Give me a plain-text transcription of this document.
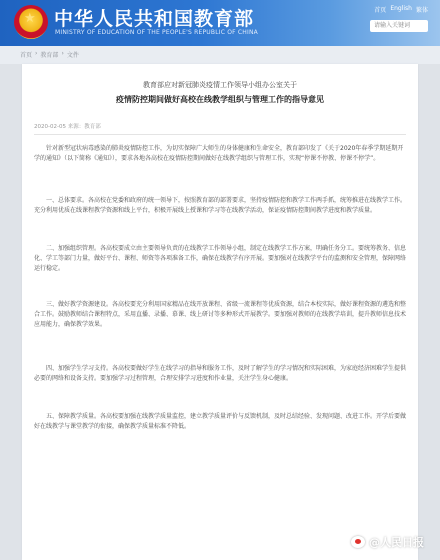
★ 中华人民共和国教育部
MINISTRY OF EDUCATION OF THE PEOPLE'S REPUBLIC OF CHINA
首页 English 繁体
请输入关键词
首页 › 教育部 › 文件
教育部应对新冠肺炎疫情工作领导小组办公室关于
疫情防控期间做好高校在线教学组织与管理工作的指导意见
2020-02-05 来源：教育部

针对新型冠状病毒感染的肺炎疫情防控工作，为切实保障广大师生的身体健康和生命安全，教育部印发了《关于2020年春季学期延期开学的通知》（以下简称《通知》），要求各地各高校在疫情防控期间做好在线教学组织与管理工作，实现“停课不停教、停课不停学”。

一、总体要求。各高校在党委和政府的统一领导下，按照教育部的部署要求，坚持疫情防控和教学工作两手抓，统筹推进在线教学工作。充分利用优质在线课程教学资源和线上平台，积极开展线上授课和学习等在线教学活动，保证疫情防控期间教学进度和教学质量。

二、加强组织管理。各高校要成立由主要领导负责的在线教学工作领导小组，制定在线教学工作方案，明确任务分工。要统筹教务、信息化、学工等部门力量，做好平台、课程、师资等各项准备工作，确保在线教学有序开展。要加强对在线教学平台的监测和安全管理，保障网络运行稳定。

三、做好教学资源建设。各高校要充分利用国家精品在线开放课程、省级一流课程等优质资源，结合本校实际，做好课程资源的遴选和整合工作。鼓励教师结合课程特点，采用直播、录播、慕课、线上研讨等多种形式开展教学。要加强对教师的在线教学培训，提升教师信息技术应用能力，确保教学效果。

四、加强学生学习支持。各高校要做好学生在线学习的指导和服务工作，及时了解学生的学习情况和实际困难，为家庭经济困难学生提供必要的网络和设备支持。要加强学习过程管理，合理安排学习进度和作业量，关注学生身心健康。

五、保障教学质量。各高校要加强在线教学质量监控，建立教学质量评价与反馈机制，及时总结经验、发现问题、改进工作。开学后要做好在线教学与课堂教学的衔接，确保教学质量标准不降低。

@人民日报
